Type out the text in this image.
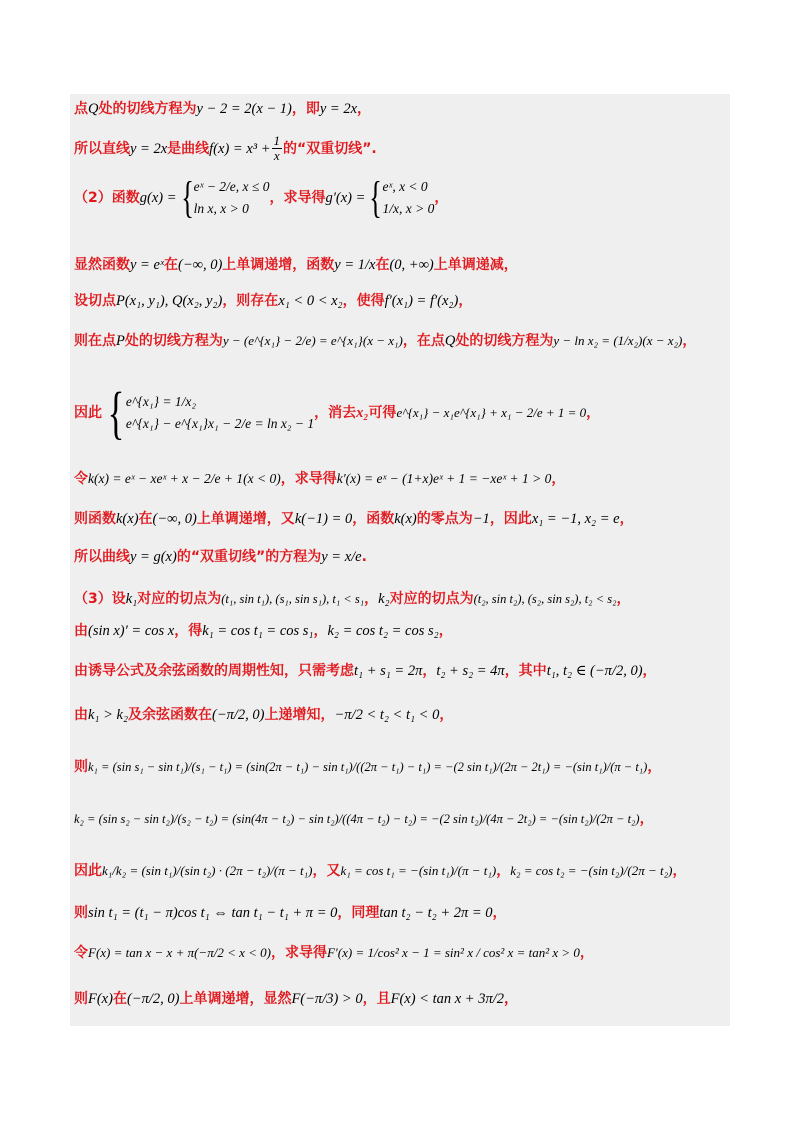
点Q处的切线方程为y − 2 = 2(x − 1)，即y = 2x，
所以直线y = 2x是曲线$f(x) = x^3 + \frac{1}{x}$ 的“双重切线”.
（2）函数g(x) ={ eˣ − 2/e, x ≤ 0
ln x, x > 0
，求导得g′(x) ={ eˣ, x < 0
1/x, x > 0
，
显然函数y = eˣ在(−∞, 0)上单调递增，函数y = 1/x在(0, +∞)上单调递减，
设切点P(x₁, y₁), Q(x₂, y₂)，则存在x₁ < 0 < x₂，使得f′(x₁) = f′(x₂)，
则在点P处的切线方程为y − (e^{x₁} − 2/e) = e^{x₁}(x − x₁)，在点Q处的切线方程为y − ln x₂ = (1/x₂)(x − x₂)，
因此{ e^{x₁} = 1/x₂
e^{x₁} − e^{x₁}x₁ − 2/e = ln x₂ − 1
，消去x₂可得e^{x₁} − x₁e^{x₁} + x₁ − 2/e + 1 = 0，
令k(x) = eˣ − xeˣ + x − 2/e + 1(x < 0)，求导得k′(x) = eˣ − (1+x)eˣ + 1 = −xeˣ + 1 > 0，
则函数k(x)在(−∞, 0)上单调递增，又k(−1) = 0，函数k(x)的零点为−1，因此x₁ = −1, x₂ = e，
所以曲线y = g(x)的“双重切线”的方程为y = x/e.
（3）设k₁对应的切点为(t₁, sin t₁), (s₁, sin s₁), t₁ < s₁，k₂对应的切点为(t₂, sin t₂), (s₂, sin s₂), t₂ < s₂，
由(sin x)′ = cos x，得k₁ = cos t₁ = cos s₁，k₂ = cos t₂ = cos s₂，
由诱导公式及余弦函数的周期性知，只需考虑t₁ + s₁ = 2π，t₂ + s₂ = 4π，其中t₁, t₂ ∈ (−π/2, 0)，
由k₁ > k₂及余弦函数在(−π/2, 0)上递增知，−π/2 < t₂ < t₁ < 0，
则k₁ = (sin s₁ − sin t₁)/(s₁ − t₁) = (sin(2π − t₁) − sin t₁)/((2π − t₁) − t₁) = −(2 sin t₁)/(2π − 2t₁) = −(sin t₁)/(π − t₁)，
k₂ = (sin s₂ − sin t₂)/(s₂ − t₂) = (sin(4π − t₂) − sin t₂)/((4π − t₂) − t₂) = −(2 sin t₂)/(4π − 2t₂) = −(sin t₂)/(2π − t₂)，
因此k₁/k₂ = (sin t₁)/(sin t₂) · (2π − t₂)/(π − t₁)，又k₁ = cos t₁ = −(sin t₁)/(π − t₁)，k₂ = cos t₂ = −(sin t₂)/(2π − t₂)，
则sin t₁ = (t₁ − π)cos t₁ ⇔ tan t₁ − t₁ + π = 0，同理tan t₂ − t₂ + 2π = 0，
令F(x) = tan x − x + π(−π/2 < x < 0)，求导得F′(x) = 1/cos² x − 1 = sin² x / cos² x = tan² x > 0，
则F(x)在(−π/2, 0)上单调递增，显然F(−π/3) > 0，且F(x) < tan x + 3π/2，
